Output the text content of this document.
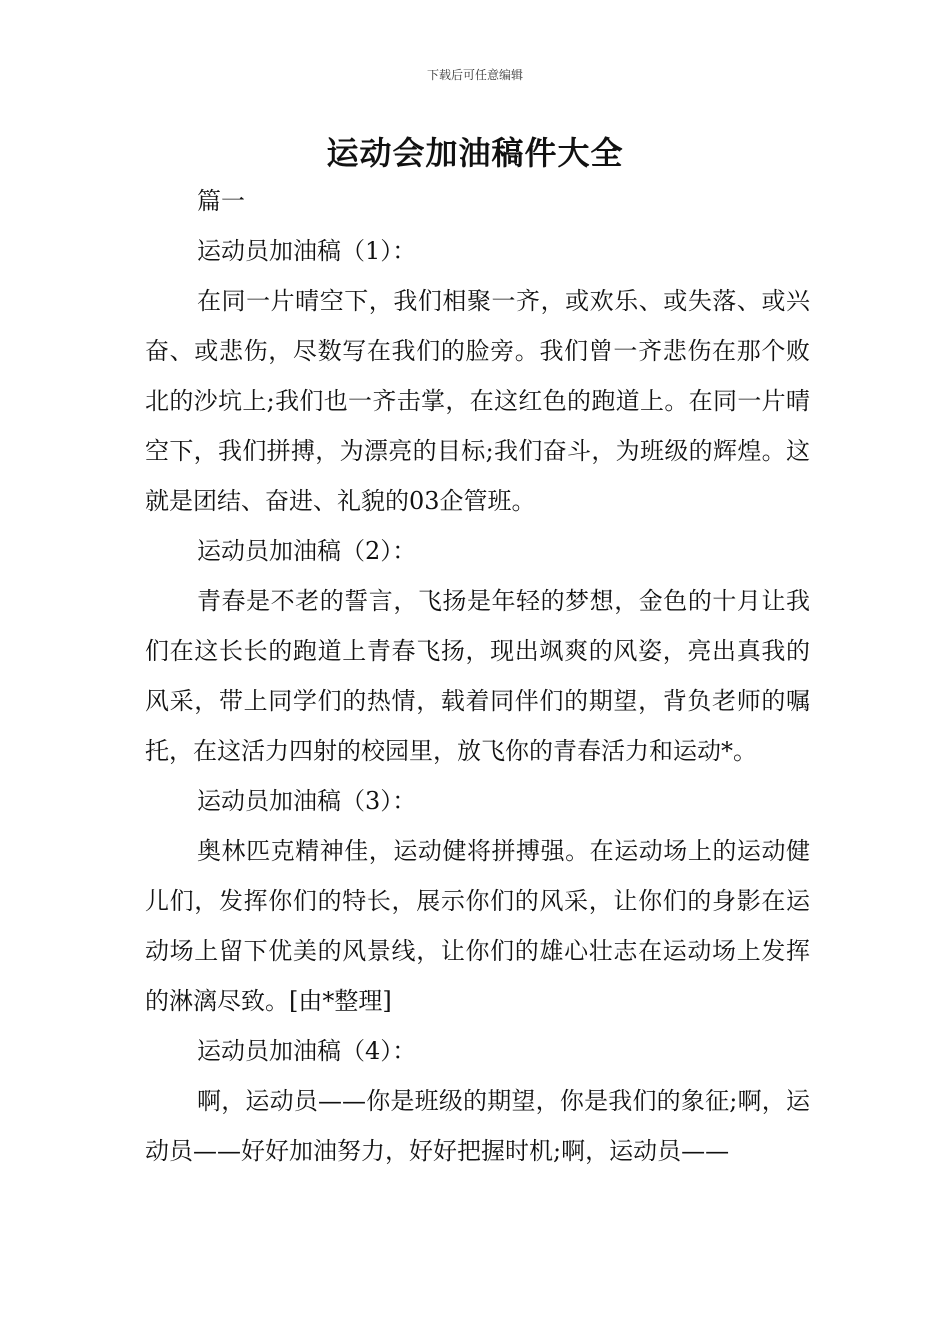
下载后可任意编辑
运动会加油稿件大全

篇一

运动员加油稿（1）：

在同一片晴空下，我们相聚一齐，或欢乐、或失落、或兴奋、或悲伤，尽数写在我们的脸旁。我们曾一齐悲伤在那个败北的沙坑上;我们也一齐击掌，在这红色的跑道上。在同一片晴空下，我们拼搏，为漂亮的目标;我们奋斗，为班级的辉煌。这就是团结、奋进、礼貌的03企管班。

运动员加油稿（2）：

青春是不老的誓言，飞扬是年轻的梦想，金色的十月让我们在这长长的跑道上青春飞扬，现出飒爽的风姿，亮出真我的风采，带上同学们的热情，载着同伴们的期望，背负老师的嘱托，在这活力四射的校园里，放飞你的青春活力和运动*。

运动员加油稿（3）：

奥林匹克精神佳，运动健将拼搏强。在运动场上的运动健儿们，发挥你们的特长，展示你们的风采，让你们的身影在运动场上留下优美的风景线，让你们的雄心壮志在运动场上发挥的淋漓尽致。[由*整理]

运动员加油稿（4）：

啊，运动员——你是班级的期望，你是我们的象征;啊，运动员——好好加油努力，好好把握时机;啊，运动员——
